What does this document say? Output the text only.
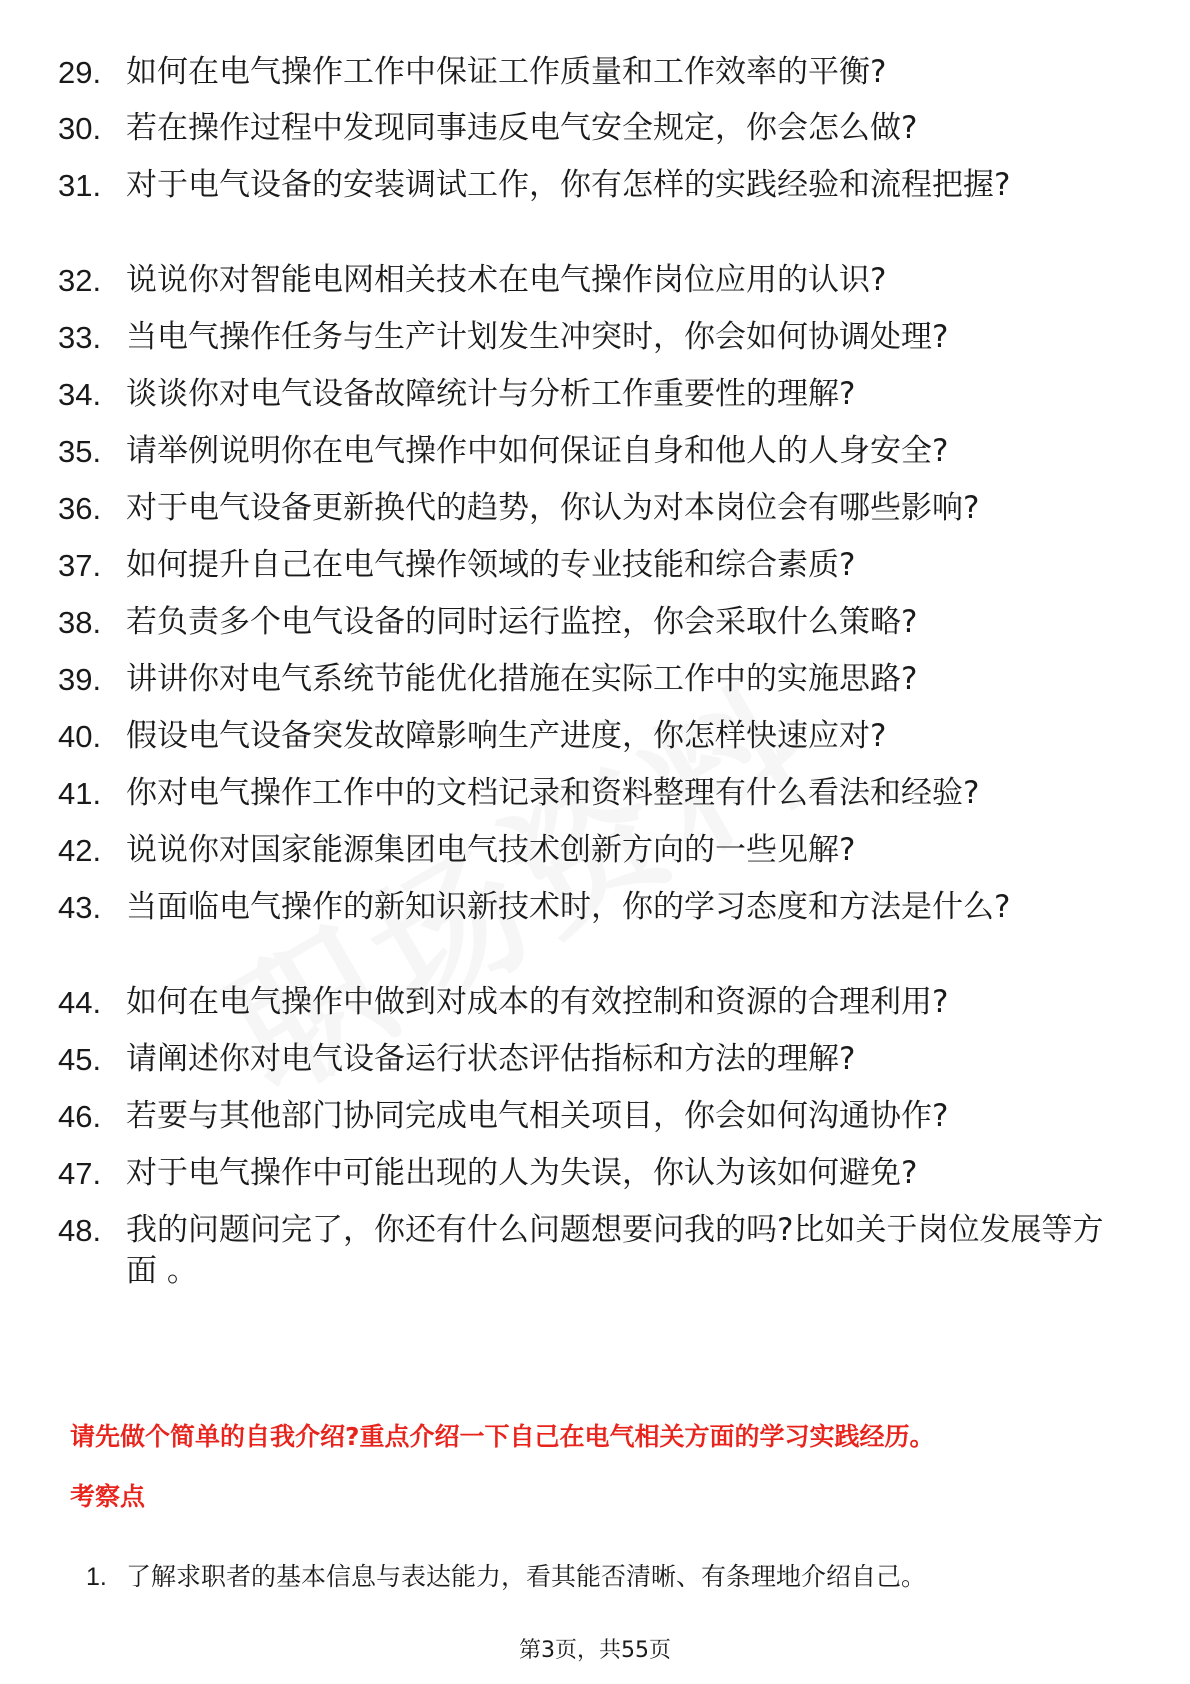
29. 如何在电气操作工作中保证工作质量和工作效率的平衡?
30. 若在操作过程中发现同事违反电气安全规定，你会怎么做?
31. 对于电气设备的安装调试工作，你有怎样的实践经验和流程把握?
32. 说说你对智能电网相关技术在电气操作岗位应用的认识?
33. 当电气操作任务与生产计划发生冲突时，你会如何协调处理?
34. 谈谈你对电气设备故障统计与分析工作重要性的理解?
35. 请举例说明你在电气操作中如何保证自身和他人的人身安全?
36. 对于电气设备更新换代的趋势，你认为对本岗位会有哪些影响?
37. 如何提升自己在电气操作领域的专业技能和综合素质?
38. 若负责多个电气设备的同时运行监控，你会采取什么策略?
39. 讲讲你对电气系统节能优化措施在实际工作中的实施思路?
40. 假设电气设备突发故障影响生产进度，你怎样快速应对?
41. 你对电气操作工作中的文档记录和资料整理有什么看法和经验?
42. 说说你对国家能源集团电气技术创新方向的一些见解?
43. 当面临电气操作的新知识新技术时，你的学习态度和方法是什么?
44. 如何在电气操作中做到对成本的有效控制和资源的合理利用?
45. 请阐述你对电气设备运行状态评估指标和方法的理解?
46. 若要与其他部门协同完成电气相关项目，你会如何沟通协作?
47. 对于电气操作中可能出现的人为失误，你认为该如何避免?
48. 我的问题问完了，你还有什么问题想要问我的吗?比如关于岗位发展等方面 。
请先做个简单的自我介绍?重点介绍一下自己在电气相关方面的学习实践经历。
考察点
1. 了解求职者的基本信息与表达能力，看其能否清晰、有条理地介绍自己。
第3页，共55页
